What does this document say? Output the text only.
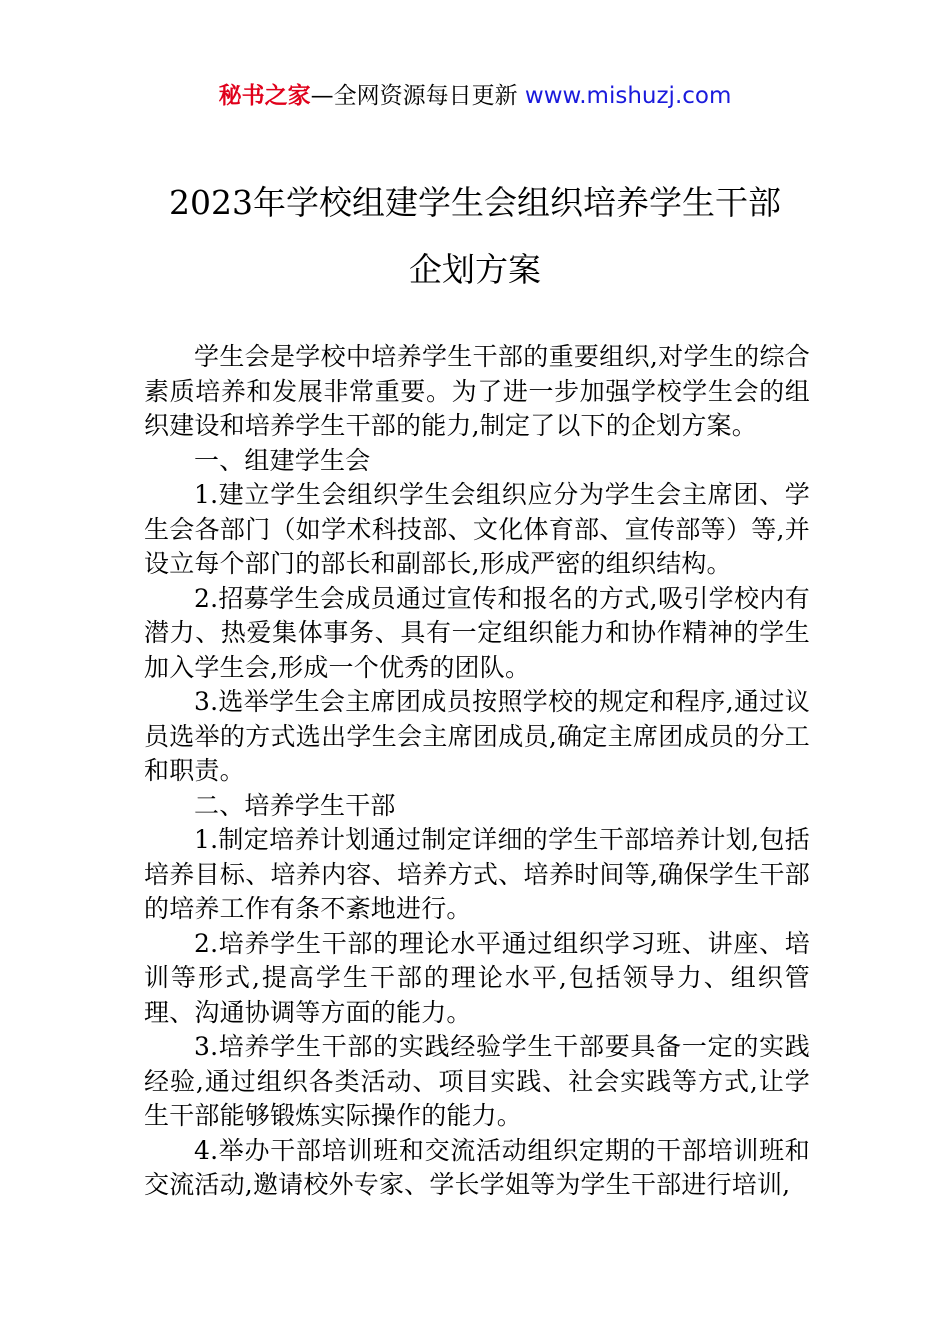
秘书之家—全网资源每日更新 www.mishuzj.com
2023年学校组建学生会组织培养学生干部
企划方案

学生会是学校中培养学生干部的重要组织,对学生的综合素质培养和发展非常重要。为了进一步加强学校学生会的组织建设和培养学生干部的能力,制定了以下的企划方案。

一、组建学生会

1.建立学生会组织学生会组织应分为学生会主席团、学生会各部门（如学术科技部、文化体育部、宣传部等）等,并设立每个部门的部长和副部长,形成严密的组织结构。

2.招募学生会成员通过宣传和报名的方式,吸引学校内有潜力、热爱集体事务、具有一定组织能力和协作精神的学生加入学生会,形成一个优秀的团队。

3.选举学生会主席团成员按照学校的规定和程序,通过议员选举的方式选出学生会主席团成员,确定主席团成员的分工和职责。

二、培养学生干部

1.制定培养计划通过制定详细的学生干部培养计划,包括培养目标、培养内容、培养方式、培养时间等,确保学生干部的培养工作有条不紊地进行。

2.培养学生干部的理论水平通过组织学习班、讲座、培训等形式,提高学生干部的理论水平,包括领导力、组织管理、沟通协调等方面的能力。

3.培养学生干部的实践经验学生干部要具备一定的实践经验,通过组织各类活动、项目实践、社会实践等方式,让学生干部能够锻炼实际操作的能力。

4.举办干部培训班和交流活动组织定期的干部培训班和交流活动,邀请校外专家、学长学姐等为学生干部进行培训,
